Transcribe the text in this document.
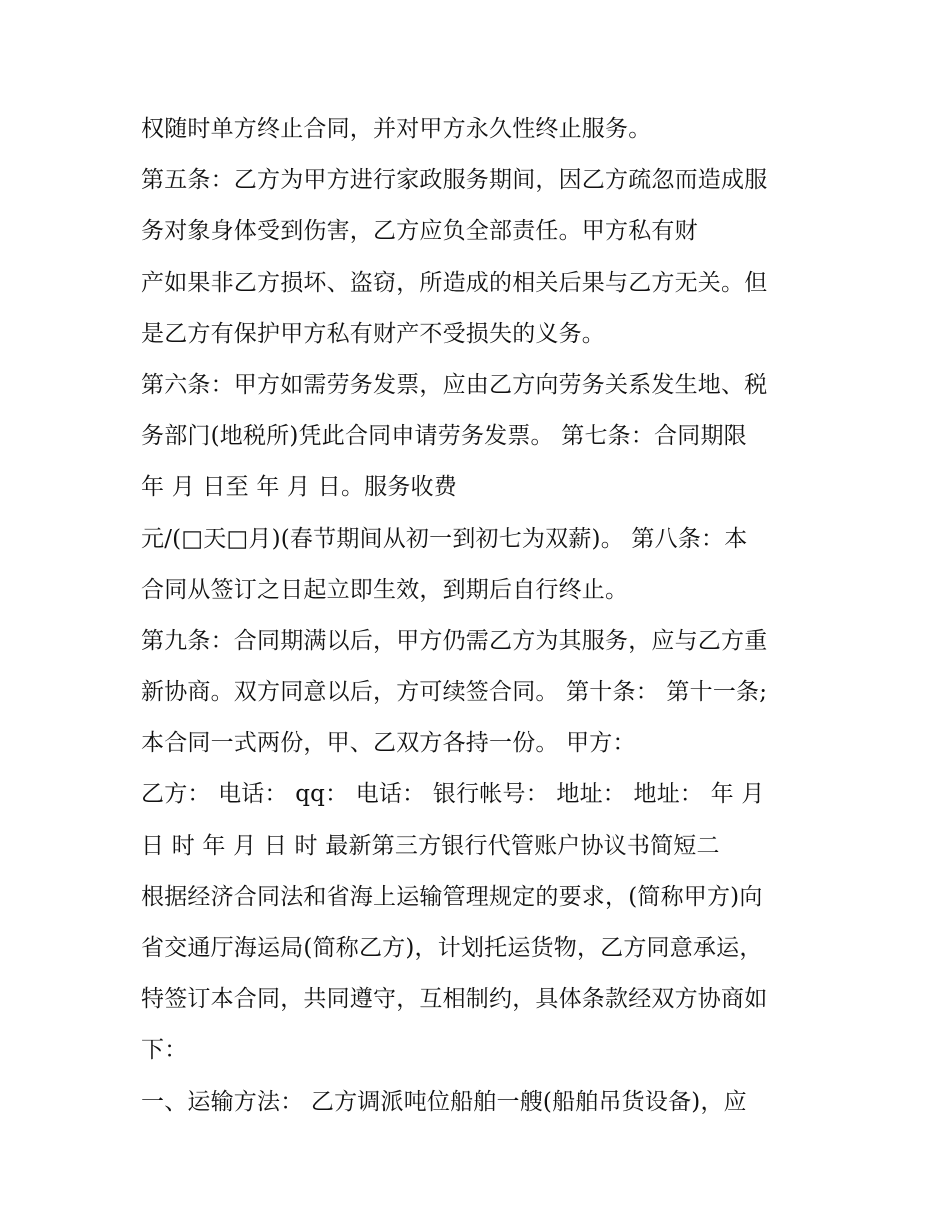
权随时单方终止合同，并对甲方永久性终止服务。
第五条：乙方为甲方进行家政服务期间，因乙方疏忽而造成服
务对象身体受到伤害，乙方应负全部责任。甲方私有财
产如果非乙方损坏、盗窃，所造成的相关后果与乙方无关。但
是乙方有保护甲方私有财产不受损失的义务。
第六条：甲方如需劳务发票，应由乙方向劳务关系发生地、税
务部门(地税所)凭此合同申请劳务发票。 第七条：合同期限
年 月 日至 年 月 日。服务收费
元/(□天□月)(春节期间从初一到初七为双薪)。 第八条：本
合同从签订之日起立即生效，到期后自行终止。
第九条：合同期满以后，甲方仍需乙方为其服务，应与乙方重
新协商。双方同意以后，方可续签合同。 第十条： 第十一条;
本合同一式两份，甲、乙双方各持一份。 甲方：
乙方： 电话： qq： 电话： 银行帐号： 地址： 地址： 年 月
日 时 年 月 日 时 最新第三方银行代管账户协议书简短二
根据经济合同法和省海上运输管理规定的要求，(简称甲方)向
省交通厅海运局(简称乙方)，计划托运货物，乙方同意承运，
特签订本合同，共同遵守，互相制约，具体条款经双方协商如
下：
一、运输方法： 乙方调派吨位船舶一艘(船舶吊货设备)，应
